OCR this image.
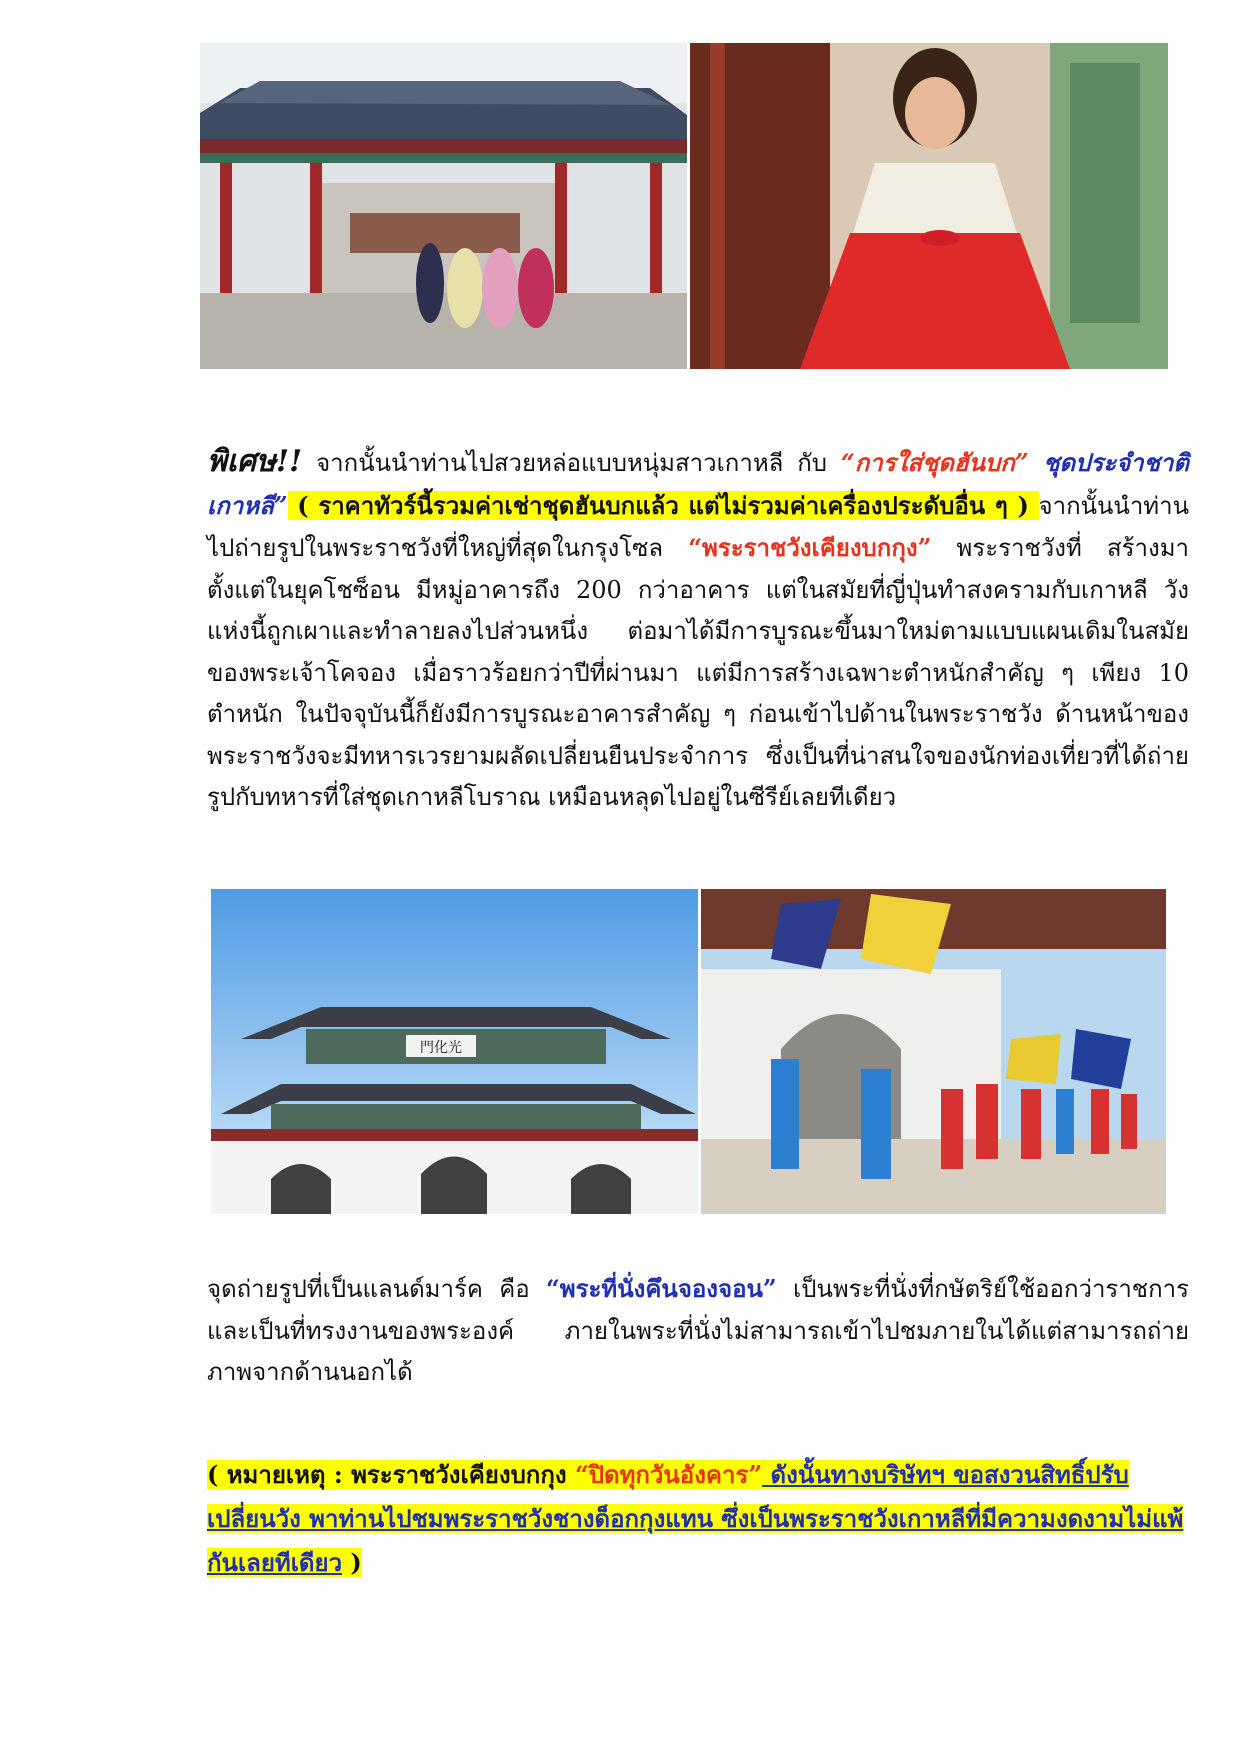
門化光
พิเศษ!! จากนั้นนำท่านไปสวยหล่อแบบหนุ่มสาวเกาหลี กับ “การใส่ชุดฮันบก” ชุดประจำชาติเกาหลี” ( ราคาทัวร์นี้รวมค่าเช่าชุดฮันบกแล้ว แต่ไม่รวมค่าเครื่องประดับอื่น ๆ ) จากนั้นนำท่านไปถ่ายรูปในพระราชวังที่ใหญ่ที่สุดในกรุงโซล “พระราชวังเคียงบกกุง” พระราชวังที่ สร้างมาตั้งแต่ในยุคโชซ็อน มีหมู่อาคารถึง 200 กว่าอาคาร แต่ในสมัยที่ญี่ปุ่นทำสงครามกับเกาหลี วังแห่งนี้ถูกเผาและทำลายลงไปส่วนหนึ่ง ต่อมาได้มีการบูรณะขึ้นมาใหม่ตามแบบแผนเดิมในสมัยของพระเจ้าโคจอง เมื่อราวร้อยกว่าปีที่ผ่านมา แต่มีการสร้างเฉพาะตำหนักสำคัญ ๆ เพียง 10 ตำหนัก ในปัจจุบันนี้ก็ยังมีการบูรณะอาคารสำคัญ ๆ ก่อนเข้าไปด้านในพระราชวัง ด้านหน้าของพระราชวังจะมีทหารเวรยามผลัดเปลี่ยนยืนประจำการ ซึ่งเป็นที่น่าสนใจของนักท่องเที่ยวที่ได้ถ่ายรูปกับทหารที่ใส่ชุดเกาหลีโบราณ เหมือนหลุดไปอยู่ในซีรีย์เลยทีเดียว
จุดถ่ายรูปที่เป็นแลนด์มาร์ค คือ “พระที่นั่งคึนจองจอน” เป็นพระที่นั่งที่กษัตริย์ใช้ออกว่าราชการ และเป็นที่ทรงงานของพระองค์ ภายในพระที่นั่งไม่สามารถเข้าไปชมภายในได้แต่สามารถถ่ายภาพจากด้านนอกได้
( หมายเหตุ : พระราชวังเคียงบกกุง “ปิดทุกวันอังคาร” ดังนั้นทางบริษัทฯ ขอสงวนสิทธิ์ปรับเปลี่ยนวัง พาท่านไปชมพระราชวังชางด็อกกุงแทน ซึ่งเป็นพระราชวังเกาหลีที่มีความงดงามไม่แพ้กันเลยทีเดียว )
